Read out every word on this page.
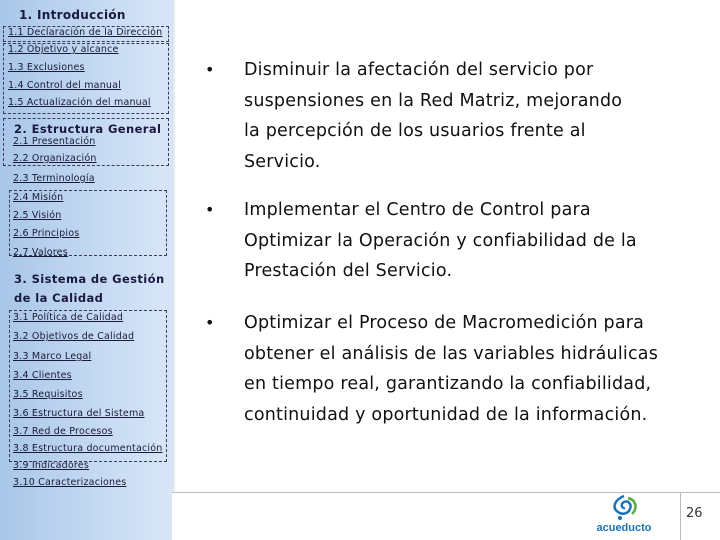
1. Introducción
1.1 Declaración de la Dirección
1.2 Objetivo y alcance
1.3 Exclusiones
1.4 Control del manual
1.5 Actualización del manual
2. Estructura General
2.1 Presentación
2.2 Organización
2.3 Terminología
2.4 Misión
2.5 Visión
2.6 Principios
2.7 Valores
3. Sistema de Gestión
de la Calidad
3.1 Política de Calidad
3.2 Objetivos de Calidad
3.3 Marco Legal
3.4 Clientes
3.5 Requisitos
3.6 Estructura del Sistema
3.7 Red de Procesos
3.8 Estructura documentación
3.9 Indicadores
3.10 Caracterizaciones
• Disminuir la afectación del servicio por
suspensiones en la Red Matriz, mejorando
la percepción de los usuarios frente al
Servicio.
• Implementar el Centro de Control para
Optimizar la Operación y confiabilidad de la
Prestación del Servicio.
• Optimizar el Proceso de Macromedición para
obtener el análisis de las variables hidráulicas
en tiempo real, garantizando la confiabilidad,
continuidad y oportunidad de la información.
acueducto
26
